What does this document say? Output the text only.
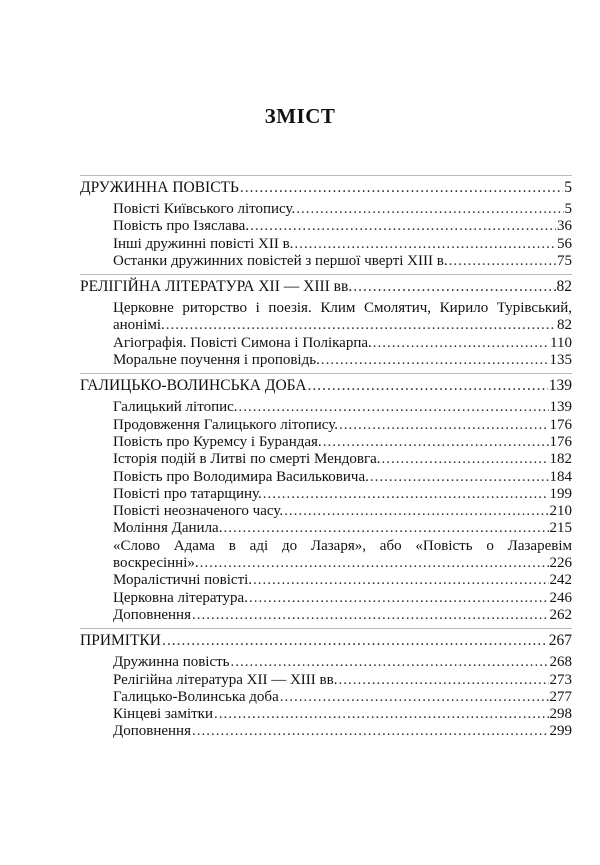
ЗМІСТ
ДРУЖИННА ПОВІСТЬ .....	5
Повісті Київського літопису. .....	5
Повість про Ізяслава. .....	36
Інші дружинні повісті XII в. .....	56
Останки дружинних повістей з першої чверті XIII в. .....	75
РЕЛІГІЙНА ЛІТЕРАТУРА XII — XIII вв. .....	82
Церковне риторство і поезія. Клим Смолятич, Кирило Турівський,
анонімі. .....	82
Агіографія. Повісті Симона і Полікарпа. .....	110
Моральне поучення і проповідь. .....	135
ГАЛИЦЬКО-ВОЛИНСЬКА ДОБА .....	139
Галицький літопис. .....	139
Продовження Галицького літопису. .....	176
Повість про Куремсу і Бурандая. .....	176
Історія подій в Литві по смерті Мендовга. .....	182
Повість про Володимира Васильковича. .....	184
Повісті про татарщину. .....	199
Повісті неозначеного часу. .....	210
Моління Данила. .....	215
«Слово Адама в аді до Лазаря», або «Повість о Лазаревім
воскресінні». .....	226
Моралістичні повісті. .....	242
Церковна література. .....	246
Доповнення .....	262
ПРИМІТКИ .....	267
Дружинна повість .....	268
Релігійна література XII — XIII вв. .....	273
Галицько-Волинська доба .....	277
Кінцеві замітки .....	298
Доповнення .....	299
